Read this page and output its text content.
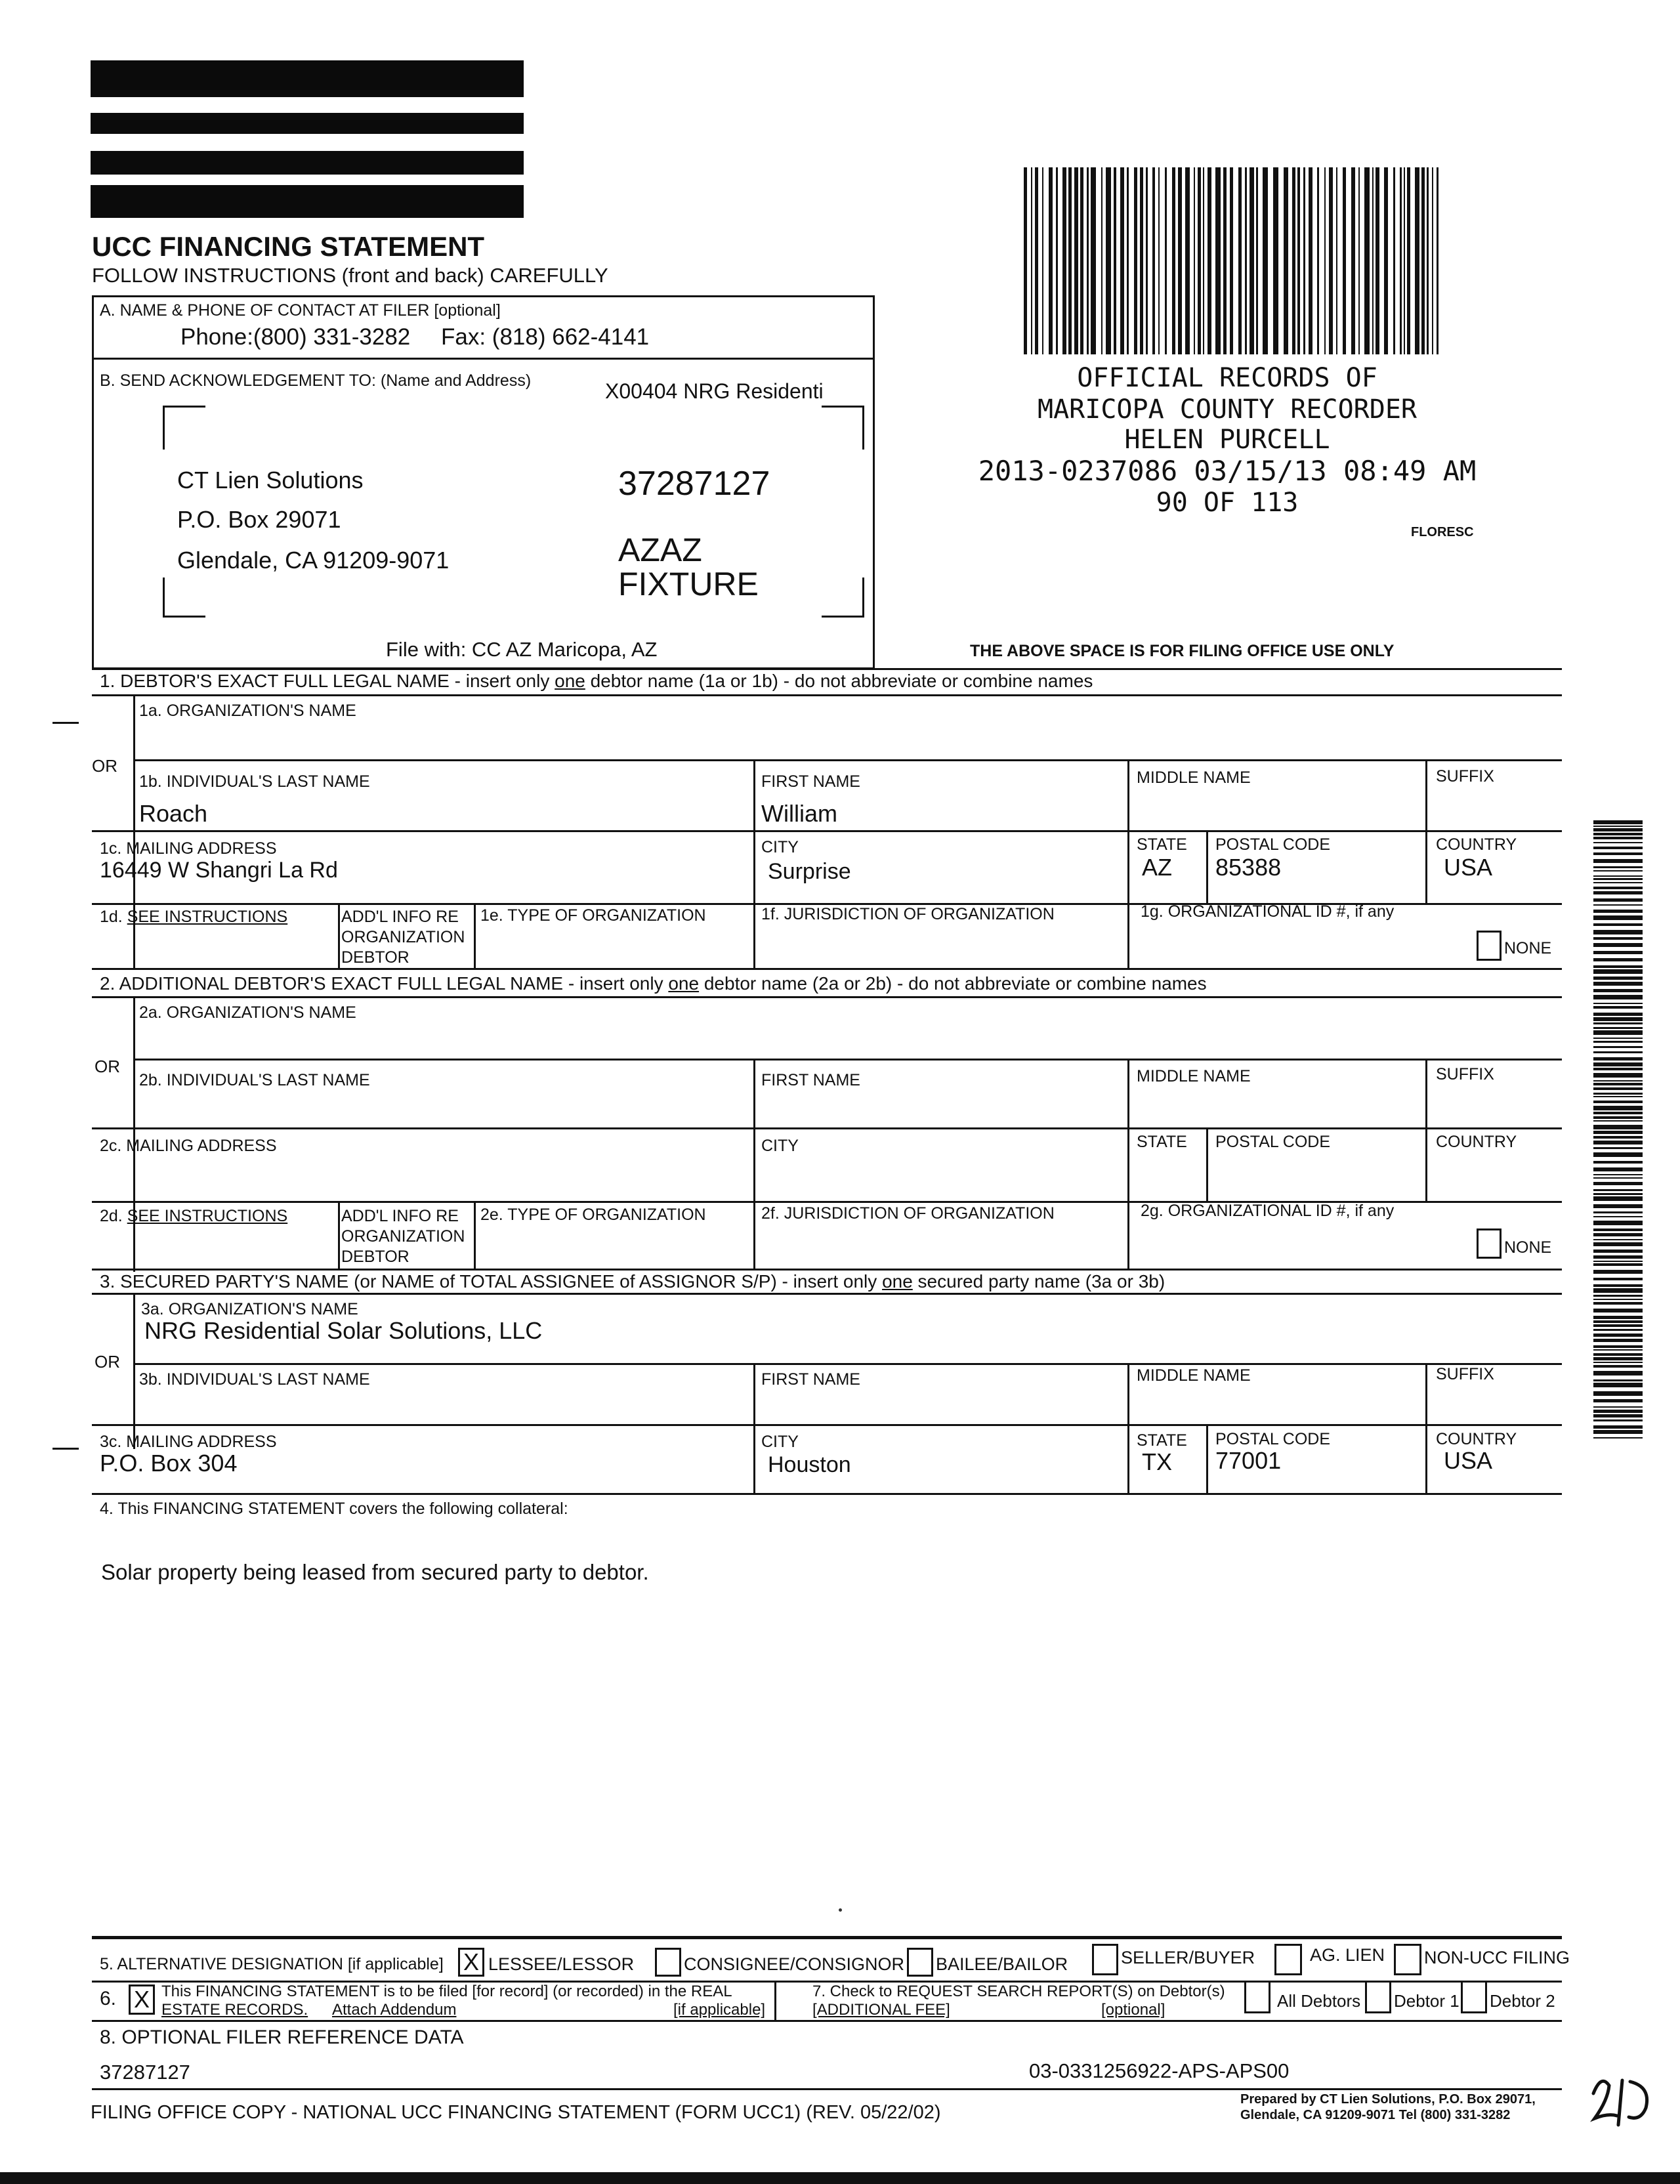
UCC FINANCING STATEMENT
FOLLOW INSTRUCTIONS (front and back) CAREFULLY
A. NAME & PHONE OF CONTACT AT FILER [optional]
Phone:(800) 331-3282 Fax: (818) 662-4141
B. SEND ACKNOWLEDGEMENT TO: (Name and Address)	X00404 NRG Residenti
CT Lien Solutions
P.O. Box 29071
Glendale, CA 91209-9071
37287127
AZAZ
FIXTURE
File with: CC AZ Maricopa, AZ
OFFICIAL RECORDS OF
MARICOPA COUNTY RECORDER
HELEN PURCELL
2013-0237086 03/15/13 08:49 AM
90 OF 113
FLORESC
THE ABOVE SPACE IS FOR FILING OFFICE USE ONLY
1. DEBTOR'S EXACT FULL LEGAL NAME - insert only one debtor name (1a or 1b) - do not abbreviate or combine names
1a. ORGANIZATION'S NAME
OR
1b. INDIVIDUAL'S LAST NAME
Roach
FIRST NAME
William
MIDDLE NAME	SUFFIX
1c. MAILING ADDRESS
16449 W Shangri La Rd
CITY
Surprise
STATE
AZ
POSTAL CODE
85388
COUNTRY
USA
1d. SEE INSTRUCTIONS	ADD'L INFO RE
ORGANIZATION
DEBTOR
1e. TYPE OF ORGANIZATION	1f. JURISDICTION OF ORGANIZATION	1g. ORGANIZATIONAL ID #, if any
NONE
2. ADDITIONAL DEBTOR'S EXACT FULL LEGAL NAME - insert only one debtor name (2a or 2b) - do not abbreviate or combine names
2a. ORGANIZATION'S NAME
OR
2b. INDIVIDUAL'S LAST NAME	FIRST NAME	MIDDLE NAME	SUFFIX
2c. MAILING ADDRESS	CITY	STATE POSTAL CODE	COUNTRY
2d. SEE INSTRUCTIONS	ADD'L INFO RE
ORGANIZATION
DEBTOR
2e. TYPE OF ORGANIZATION	2f. JURISDICTION OF ORGANIZATION	2g. ORGANIZATIONAL ID #, if any
NONE
3. SECURED PARTY'S NAME (or NAME of TOTAL ASSIGNEE of ASSIGNOR S/P) - insert only one secured party name (3a or 3b)
3a. ORGANIZATION'S NAME
NRG Residential Solar Solutions, LLC
OR
3b. INDIVIDUAL'S LAST NAME	FIRST NAME	MIDDLE NAME	SUFFIX
3c. MAILING ADDRESS
P.O. Box 304
CITY
Houston
STATE
TX
POSTAL CODE
77001
COUNTRY
USA
4. This FINANCING STATEMENT covers the following collateral:
Solar property being leased from secured party to debtor.
5. ALTERNATIVE DESIGNATION [if applicable] X LESSEE/LESSOR	CONSIGNEE/CONSIGNOR BAILEE/BAILOR	SELLER/BUYER	AG. LIEN NON-UCC FILING
6. X This FINANCING STATEMENT is to be filed [for record] (or recorded) in the REAL
ESTATE RECORDS. Attach Addendum	[if applicable]
7. Check to REQUEST SEARCH REPORT(S) on Debtor(s)
[ADDITIONAL FEE]	[optional]	All Debtors Debtor 1 Debtor 2
8. OPTIONAL FILER REFERENCE DATA
37287127	03-0331256922-APS-APS00
FILING OFFICE COPY - NATIONAL UCC FINANCING STATEMENT (FORM UCC1) (REV. 05/22/02)
Prepared by CT Lien Solutions, P.O. Box 29071,
Glendale, CA 91209-9071 Tel (800) 331-3282
